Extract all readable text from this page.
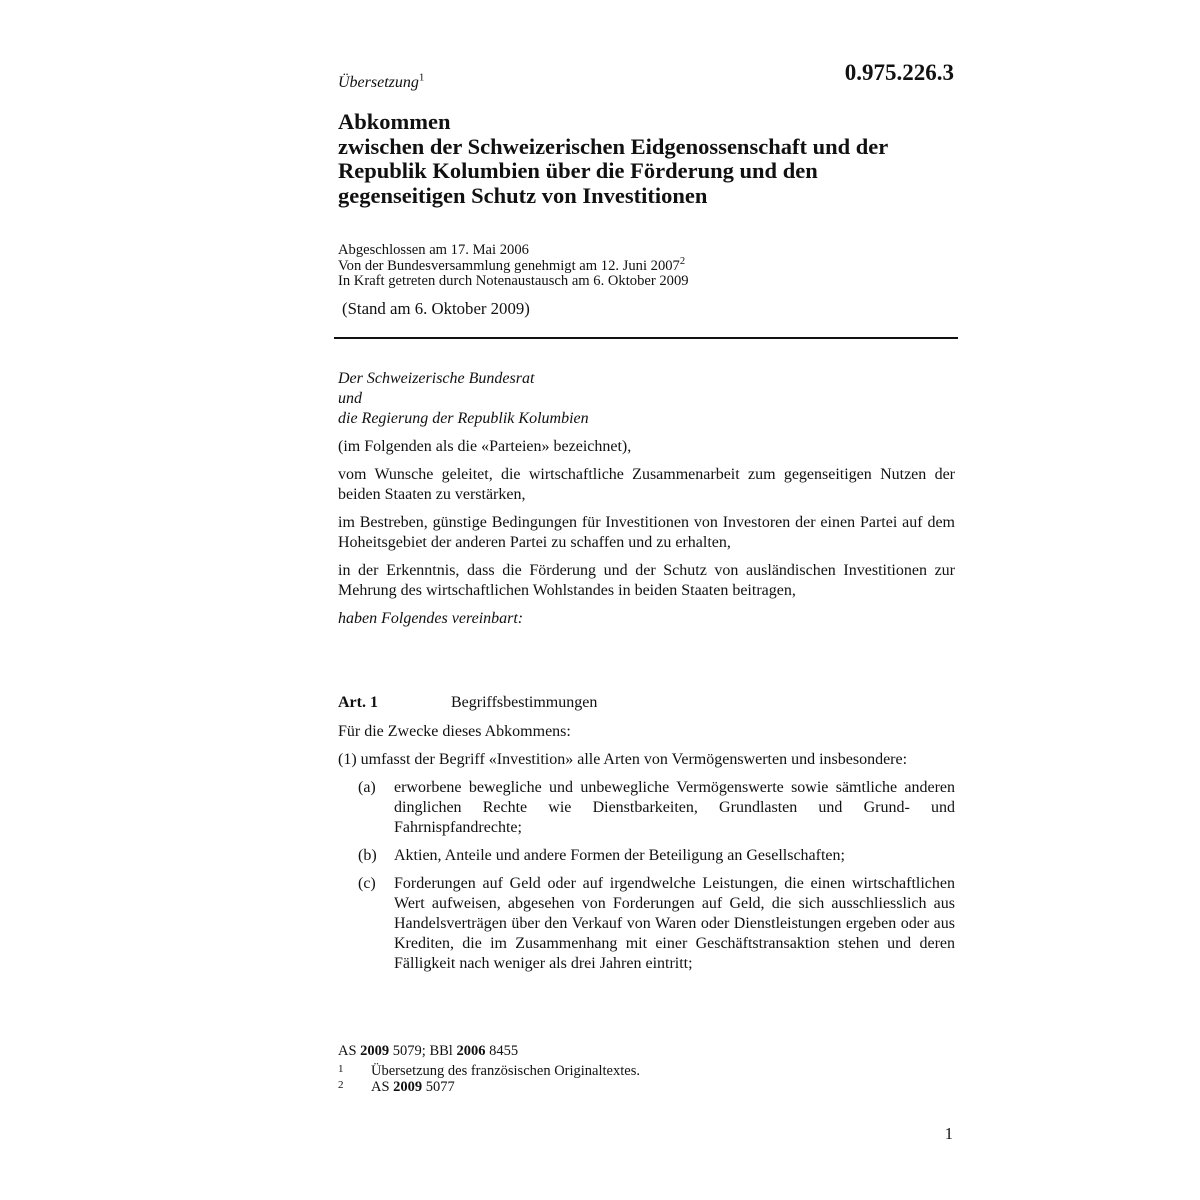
0.975.226.3
Übersetzung$^1$
Abkommen
zwischen der Schweizerischen Eidgenossenschaft und der
Republik Kolumbien über die Förderung und den
gegenseitigen Schutz von Investitionen
Abgeschlossen am 17. Mai 2006
Von der Bundesversammlung genehmigt am 12. Juni 2007$^2$
In Kraft getreten durch Notenaustausch am 6. Oktober 2009
(Stand am 6. Oktober 2009)
Der Schweizerische Bundesrat
und
die Regierung der Republik Kolumbien
(im Folgenden als die «Parteien» bezeichnet),
vom Wunsche geleitet, die wirtschaftliche Zusammenarbeit zum gegenseitigen Nutzen der beiden Staaten zu verstärken,
im Bestreben, günstige Bedingungen für Investitionen von Investoren der einen Partei auf dem Hoheitsgebiet der anderen Partei zu schaffen und zu erhalten,
in der Erkenntnis, dass die Förderung und der Schutz von ausländischen Investitionen zur Mehrung des wirtschaftlichen Wohlstandes in beiden Staaten beitragen,
haben Folgendes vereinbart:
Art. 1	Begriffsbestimmungen
Für die Zwecke dieses Abkommens:
(1) umfasst der Begriff «Investition» alle Arten von Vermögenswerten und insbesondere:
(a) erworbene bewegliche und unbewegliche Vermögenswerte sowie sämtliche anderen dinglichen Rechte wie Dienstbarkeiten, Grundlasten und Grund- und Fahrnispfandrechte;
(b) Aktien, Anteile und andere Formen der Beteiligung an Gesellschaften;
(c) Forderungen auf Geld oder auf irgendwelche Leistungen, die einen wirtschaftlichen Wert aufweisen, abgesehen von Forderungen auf Geld, die sich ausschliesslich aus Handelsverträgen über den Verkauf von Waren oder Dienstleistungen ergeben oder aus Krediten, die im Zusammenhang mit einer Geschäftstransaktion stehen und deren Fälligkeit nach weniger als drei Jahren eintritt;
AS 2009 5079; BBl 2006 8455
1 Übersetzung des französischen Originaltextes.
2 AS 2009 5077
1
